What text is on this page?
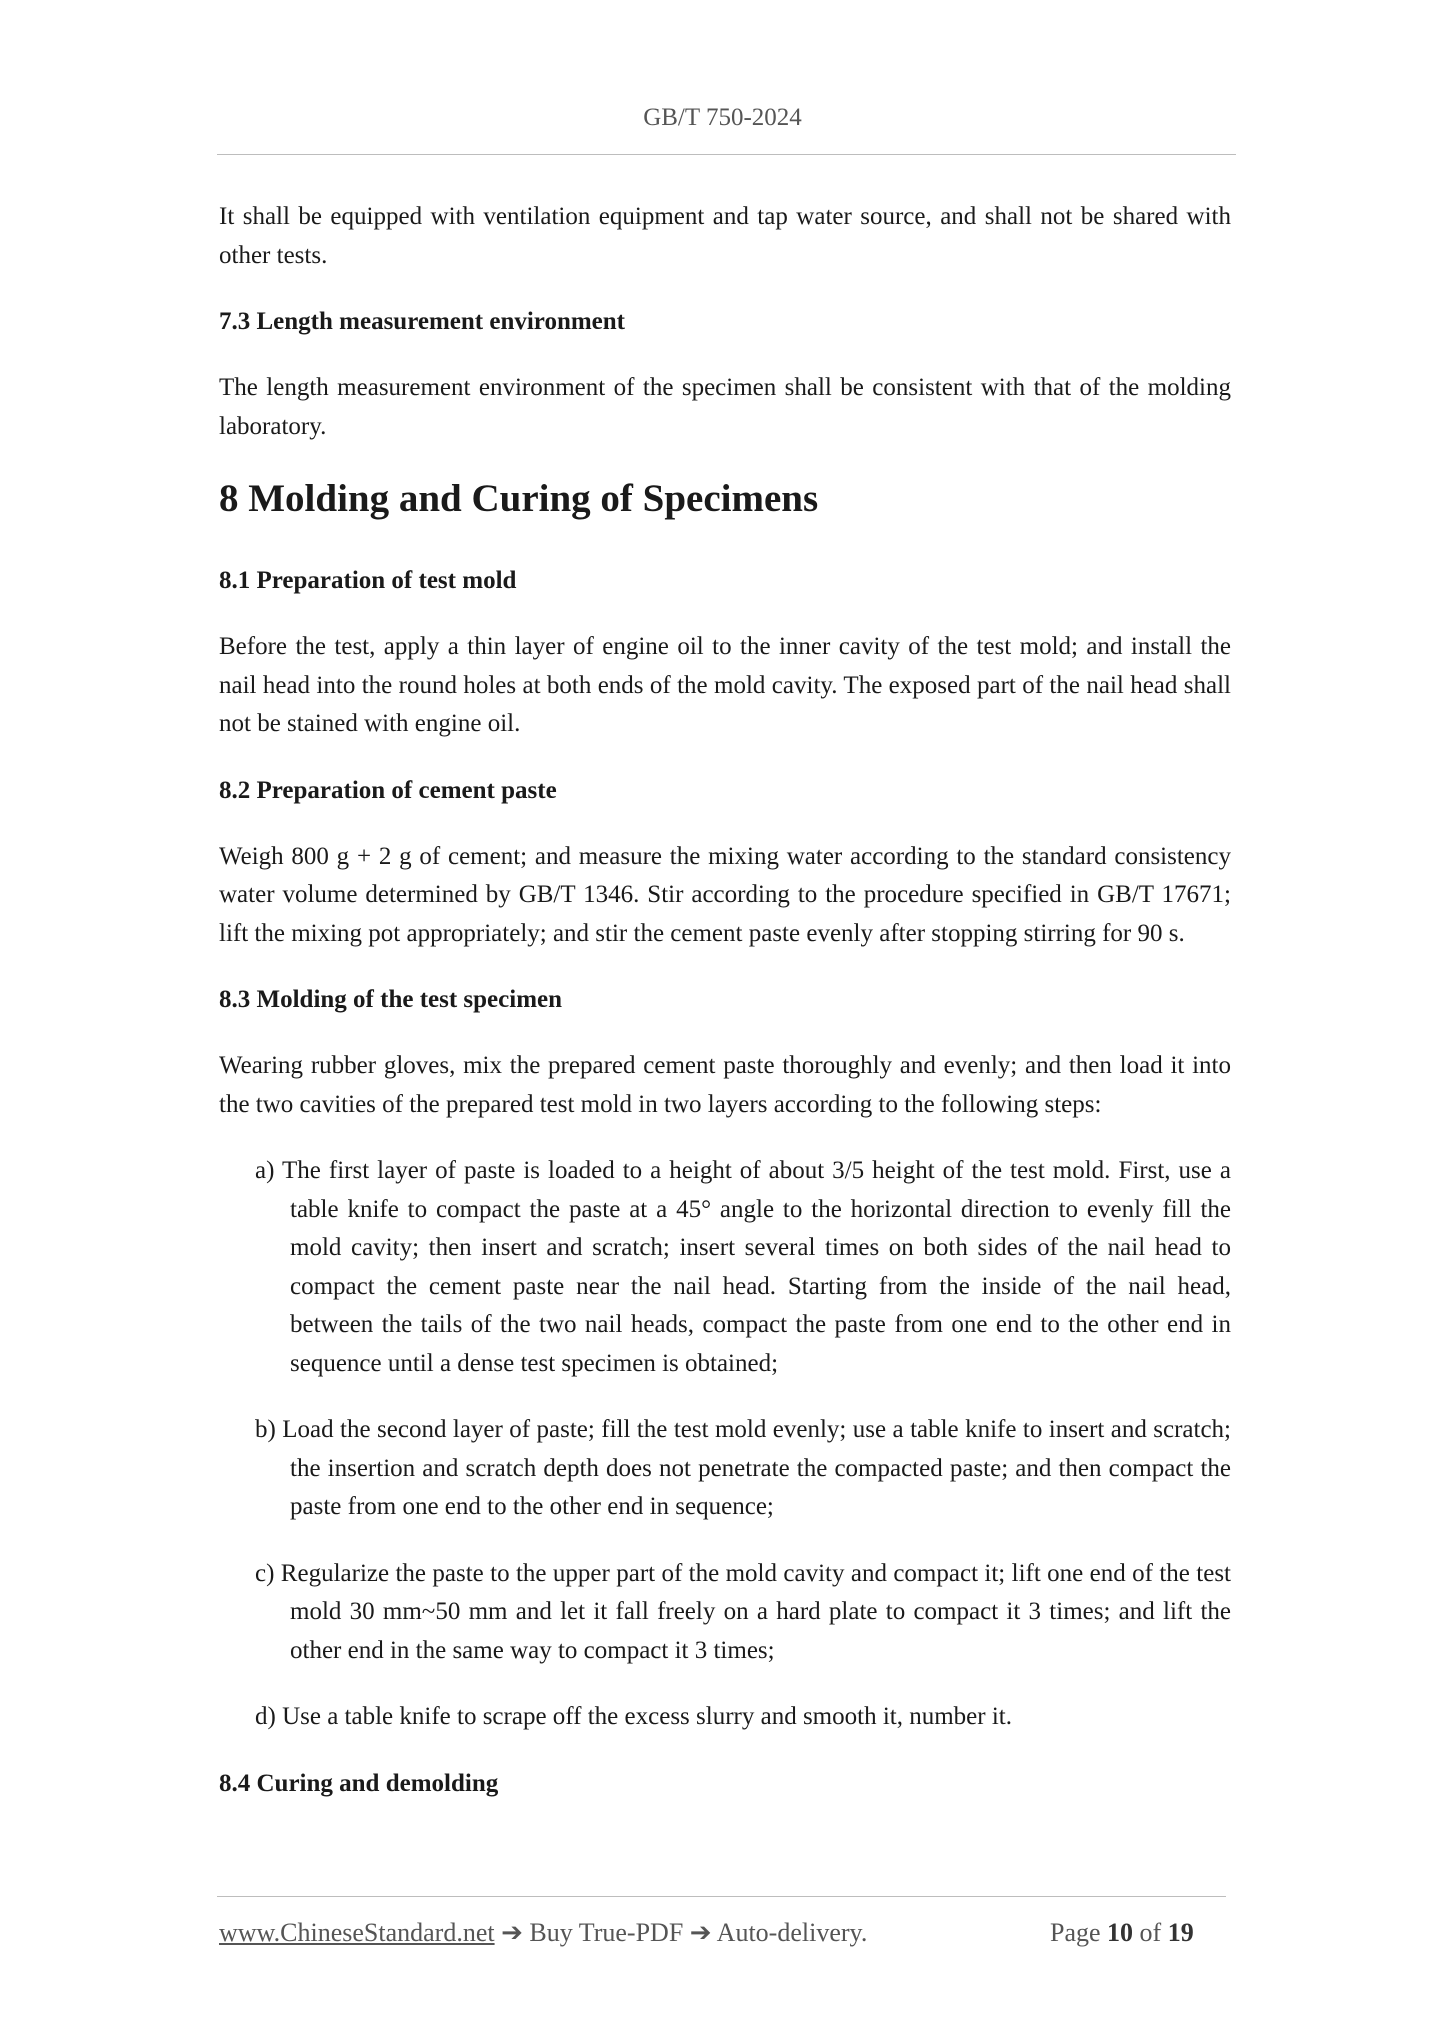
GB/T 750-2024

It shall be equipped with ventilation equipment and tap water source, and shall not be shared with other tests.

7.3 Length measurement environment

The length measurement environment of the specimen shall be consistent with that of the molding laboratory.

8 Molding and Curing of Specimens
8.1 Preparation of test mold

Before the test, apply a thin layer of engine oil to the inner cavity of the test mold; and install the nail head into the round holes at both ends of the mold cavity. The exposed part of the nail head shall not be stained with engine oil.

8.2 Preparation of cement paste

Weigh 800 g + 2 g of cement; and measure the mixing water according to the standard consistency water volume determined by GB/T 1346. Stir according to the procedure specified in GB/T 17671; lift the mixing pot appropriately; and stir the cement paste evenly after stopping stirring for 90 s.

8.3 Molding of the test specimen

Wearing rubber gloves, mix the prepared cement paste thoroughly and evenly; and then load it into the two cavities of the prepared test mold in two layers according to the following steps:

a) The first layer of paste is loaded to a height of about 3/5 height of the test mold. First, use a table knife to compact the paste at a 45° angle to the horizontal direction to evenly fill the mold cavity; then insert and scratch; insert several times on both sides of the nail head to compact the cement paste near the nail head. Starting from the inside of the nail head, between the tails of the two nail heads, compact the paste from one end to the other end in sequence until a dense test specimen is obtained;
b) Load the second layer of paste; fill the test mold evenly; use a table knife to insert and scratch; the insertion and scratch depth does not penetrate the compacted paste; and then compact the paste from one end to the other end in sequence;
c) Regularize the paste to the upper part of the mold cavity and compact it; lift one end of the test mold 30 mm~50 mm and let it fall freely on a hard plate to compact it 3 times; and lift the other end in the same way to compact it 3 times;
d) Use a table knife to scrape off the excess slurry and smooth it, number it.
8.4 Curing and demolding
www.ChineseStandard.net ➔ Buy True-PDF ➔ Auto-delivery.	Page 10 of 19
